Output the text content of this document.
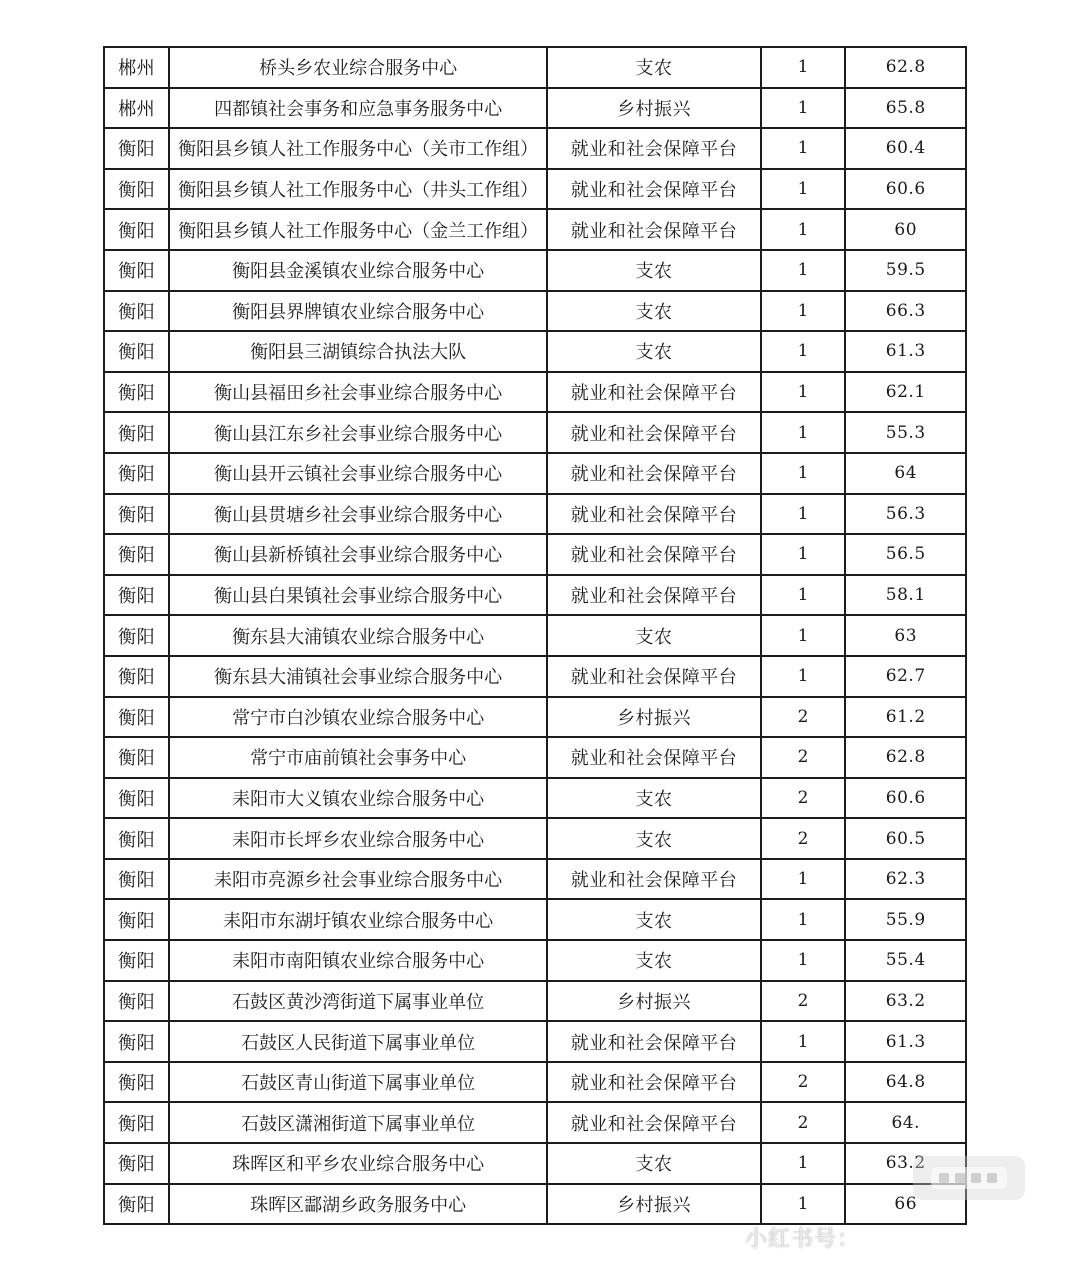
郴州	桥头乡农业综合服务中心	支农	1	62.8
郴州	四都镇社会事务和应急事务服务中心	乡村振兴	1	65.8
衡阳	衡阳县乡镇人社工作服务中心（关市工作组）	就业和社会保障平台	1	60.4
衡阳	衡阳县乡镇人社工作服务中心（井头工作组）	就业和社会保障平台	1	60.6
衡阳	衡阳县乡镇人社工作服务中心（金兰工作组）	就业和社会保障平台	1	60
衡阳	衡阳县金溪镇农业综合服务中心	支农	1	59.5
衡阳	衡阳县界牌镇农业综合服务中心	支农	1	66.3
衡阳	衡阳县三湖镇综合执法大队	支农	1	61.3
衡阳	衡山县福田乡社会事业综合服务中心	就业和社会保障平台	1	62.1
衡阳	衡山县江东乡社会事业综合服务中心	就业和社会保障平台	1	55.3
衡阳	衡山县开云镇社会事业综合服务中心	就业和社会保障平台	1	64
衡阳	衡山县贯塘乡社会事业综合服务中心	就业和社会保障平台	1	56.3
衡阳	衡山县新桥镇社会事业综合服务中心	就业和社会保障平台	1	56.5
衡阳	衡山县白果镇社会事业综合服务中心	就业和社会保障平台	1	58.1
衡阳	衡东县大浦镇农业综合服务中心	支农	1	63
衡阳	衡东县大浦镇社会事业综合服务中心	就业和社会保障平台	1	62.7
衡阳	常宁市白沙镇农业综合服务中心	乡村振兴	2	61.2
衡阳	常宁市庙前镇社会事务中心	就业和社会保障平台	2	62.8
衡阳	耒阳市大义镇农业综合服务中心	支农	2	60.6
衡阳	耒阳市长坪乡农业综合服务中心	支农	2	60.5
衡阳	耒阳市亮源乡社会事业综合服务中心	就业和社会保障平台	1	62.3
衡阳	耒阳市东湖圩镇农业综合服务中心	支农	1	55.9
衡阳	耒阳市南阳镇农业综合服务中心	支农	1	55.4
衡阳	石鼓区黄沙湾街道下属事业单位	乡村振兴	2	63.2
衡阳	石鼓区人民街道下属事业单位	就业和社会保障平台	1	61.3
衡阳	石鼓区青山街道下属事业单位	就业和社会保障平台	2	64.8
衡阳	石鼓区潇湘街道下属事业单位	就业和社会保障平台	2	64.
衡阳	珠晖区和平乡农业综合服务中心	支农	1	63.2
衡阳	珠晖区酃湖乡政务服务中心	乡村振兴	1	66
小红书号：
